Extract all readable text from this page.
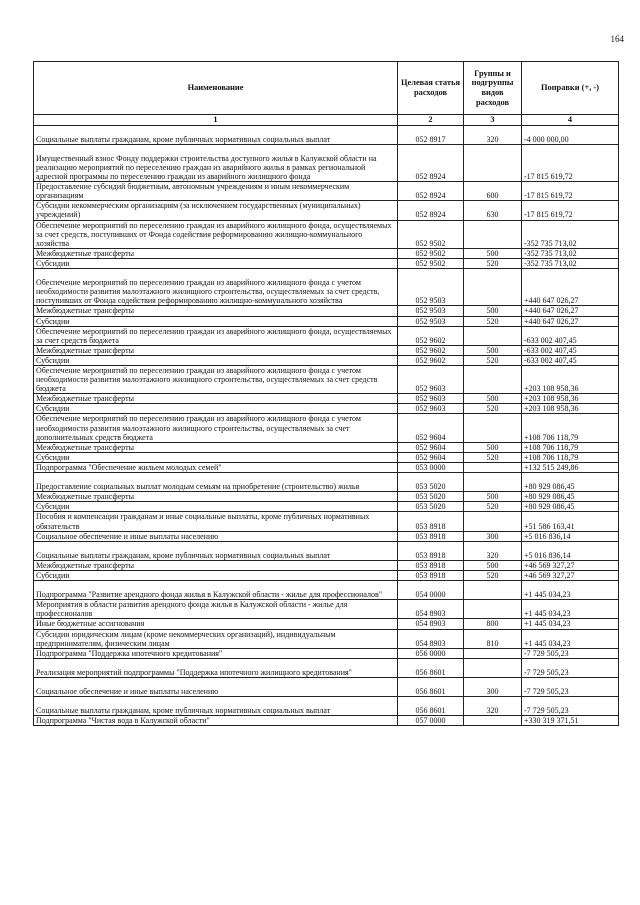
164
Наименование	Целевая статья расходов	Группы и подгруппы видов расходов	Поправки (+, -)
1	2	3	4
Социальные выплаты гражданам, кроме публичных нормативных социальных выплат	052 8917	320	-4 000 000,00
Имущественный взнос Фонду поддержки строительства доступного жилья в Калужской области на реализацию мероприятий по переселению граждан из аварийного жилья в рамках региональной адресной программы по переселению граждан из аварийного жилищного фонда	052 8924		-17 815 619,72
Предоставление субсидий бюджетным, автономным учреждениям и иным некоммерческим организациям	052 8924	600	-17 815 619,72
Субсидии некоммерческим организациям (за исключением государственных (муниципальных) учреждений)	052 8924	630	-17 815 619,72
Обеспечение мероприятий по переселению граждан из аварийного жилищного фонда, осуществляемых за счет средств, поступивших от Фонда содействия реформированию жилищно-коммунального хозяйства	052 9502		-352 735 713,02
Межбюджетные трансферты	052 9502	500	-352 735 713,02
Субсидии	052 9502	520	-352 735 713,02
Обеспечение мероприятий по переселению граждан из аварийного жилищного фонда с учетом необходимости развития малоэтажного жилищного строительства, осуществляемых за счет средств, поступивших от Фонда содействия реформированию жилищно-коммунального хозяйства	052 9503		+440 647 026,27
Межбюджетные трансферты	052 9503	500	+440 647 026,27
Субсидии	052 9503	520	+440 647 026,27
Обеспечение мероприятий по переселению граждан из аварийного жилищного фонда, осуществляемых за счет средств бюджета	052 9602		-633 002 407,45
Межбюджетные трансферты	052 9602	500	-633 002 407,45
Субсидии	052 9602	520	-633 002 407,45
Обеспечение мероприятий по переселению граждан из аварийного жилищного фонда с учетом необходимости развития малоэтажного жилищного строительства, осуществляемых за счет средств бюджета	052 9603		+203 108 958,36
Межбюджетные трансферты	052 9603	500	+203 108 958,36
Субсидии	052 9603	520	+203 108 958,36
Обеспечение мероприятий по переселению граждан из аварийного жилищного фонда с учетом необходимости развития малоэтажного жилищного строительства, осуществляемых за счет дополнительных средств бюджета	052 9604		+108 706 118,79
Межбюджетные трансферты	052 9604	500	+108 706 118,79
Субсидии	052 9604	520	+108 706 118,79
Подпрограмма "Обеспечение жильем молодых семей"	053 0000		+132 515 249,86
Предоставление социальных выплат молодым семьям на приобретение (строительство) жилья	053 5020		+80 929 086,45
Межбюджетные трансферты	053 5020	500	+80 929 086,45
Субсидии	053 5020	520	+80 929 086,45
Пособия и компенсации гражданам и иные социальные выплаты, кроме публичных нормативных обязательств	053 8918		+51 586 163,41
Социальное обеспечение и иные выплаты населению	053 8918	300	+5 016 836,14
Социальные выплаты гражданам, кроме публичных нормативных социальных выплат	053 8918	320	+5 016 836,14
Межбюджетные трансферты	053 8918	500	+46 569 327,27
Субсидии	053 8918	520	+46 569 327,27
Подпрограмма "Развитие арендного фонда жилья в Калужской области - жилье для профессионалов"	054 0000		+1 445 034,23
Мероприятия в области развития арендного фонда жилья в Калужской области - жилье для профессионалов	054 8903		+1 445 034,23
Иные бюджетные ассигнования	054 8903	800	+1 445 034,23
Субсидии юридическим лицам (кроме некоммерческих организаций), индивидуальным предпринимателям, физическим лицам	054 8903	810	+1 445 034,23
Подпрограмма "Поддержка ипотечного кредитования"	056 0000		-7 729 505,23
Реализация мероприятий подпрограммы "Поддержка ипотечного жилищного кредитования"	056 8601		-7 729 505,23
Социальное обеспечение и иные выплаты населению	056 8601	300	-7 729 505,23
Социальные выплаты гражданам, кроме публичных нормативных социальных выплат	056 8601	320	-7 729 505,23
Подпрограмма "Чистая вода в Калужской области"	057 0000		+330 319 371,51
